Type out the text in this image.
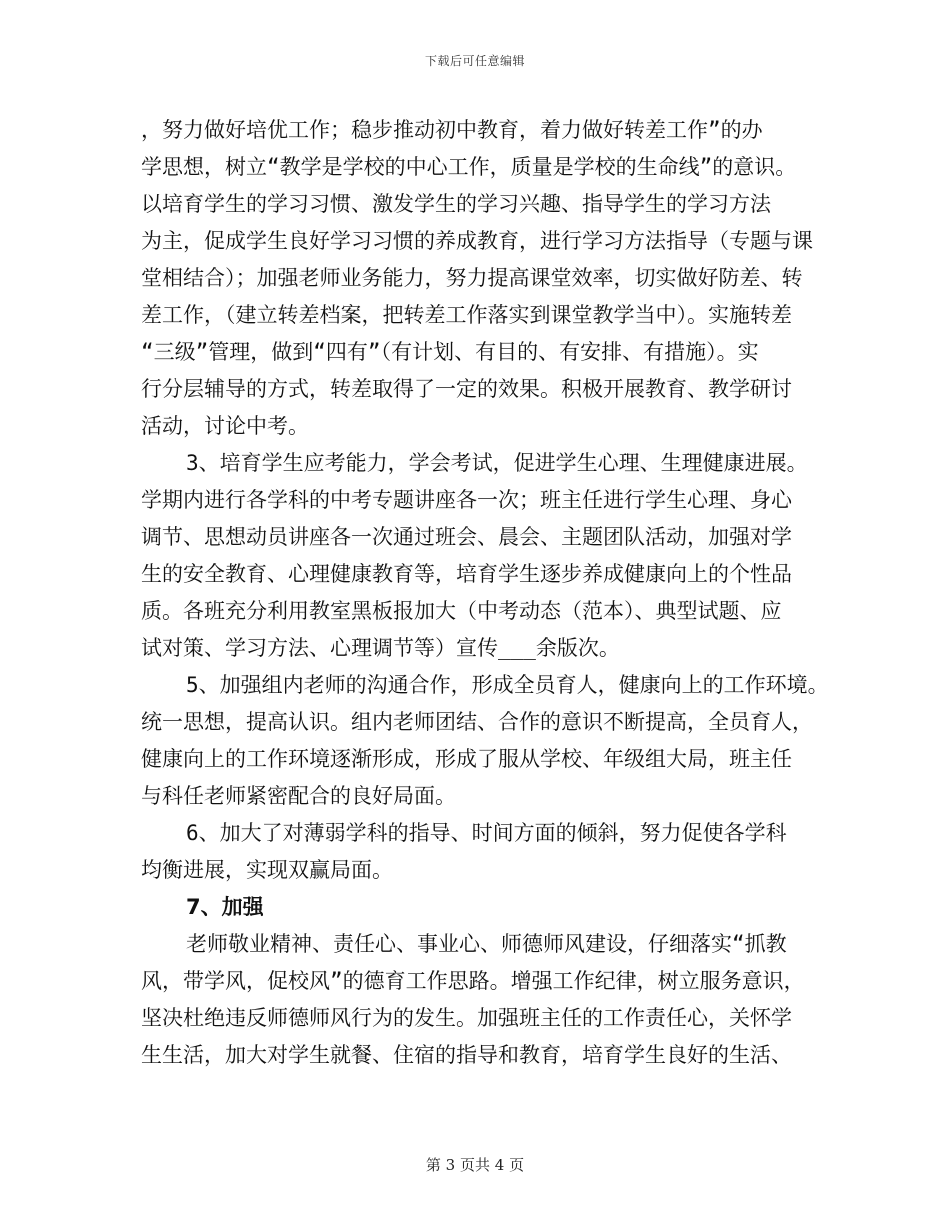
下载后可任意编辑
，努力做好培优工作；稳步推动初中教育，着力做好转差工作”的办
学思想，树立“教学是学校的中心工作，质量是学校的生命线”的意识。
以培育学生的学习习惯、激发学生的学习兴趣、指导学生的学习方法
为主，促成学生良好学习习惯的养成教育，进行学习方法指导（专题与课
堂相结合）；加强老师业务能力，努力提高课堂效率，切实做好防差、转
差工作，（建立转差档案，把转差工作落实到课堂教学当中）。实施转差
“三级”管理，做到“四有”（有计划、有目的、有安排、有措施）。实
行分层辅导的方式，转差取得了一定的效果。积极开展教育、教学研讨
活动，讨论中考。
3、培育学生应考能力，学会考试，促进学生心理、生理健康进展。
学期内进行各学科的中考专题讲座各一次；班主任进行学生心理、身心
调节、思想动员讲座各一次通过班会、晨会、主题团队活动，加强对学
生的安全教育、心理健康教育等，培育学生逐步养成健康向上的个性品
质。各班充分利用教室黑板报加大（中考动态（范本）、典型试题、应
试对策、学习方法、心理调节等）宣传___余版次。
5、加强组内老师的沟通合作，形成全员育人，健康向上的工作环境。
统一思想，提高认识。组内老师团结、合作的意识不断提高，全员育人，
健康向上的工作环境逐渐形成，形成了服从学校、年级组大局，班主任
与科任老师紧密配合的良好局面。
6、加大了对薄弱学科的指导、时间方面的倾斜，努力促使各学科
均衡进展，实现双赢局面。
7、加强
老师敬业精神、责任心、事业心、师德师风建设，仔细落实“抓教
风，带学风，促校风”的德育工作思路。增强工作纪律，树立服务意识，
坚决杜绝违反师德师风行为的发生。加强班主任的工作责任心，关怀学
生生活，加大对学生就餐、住宿的指导和教育，培育学生良好的生活、
第 3 页共 4 页
